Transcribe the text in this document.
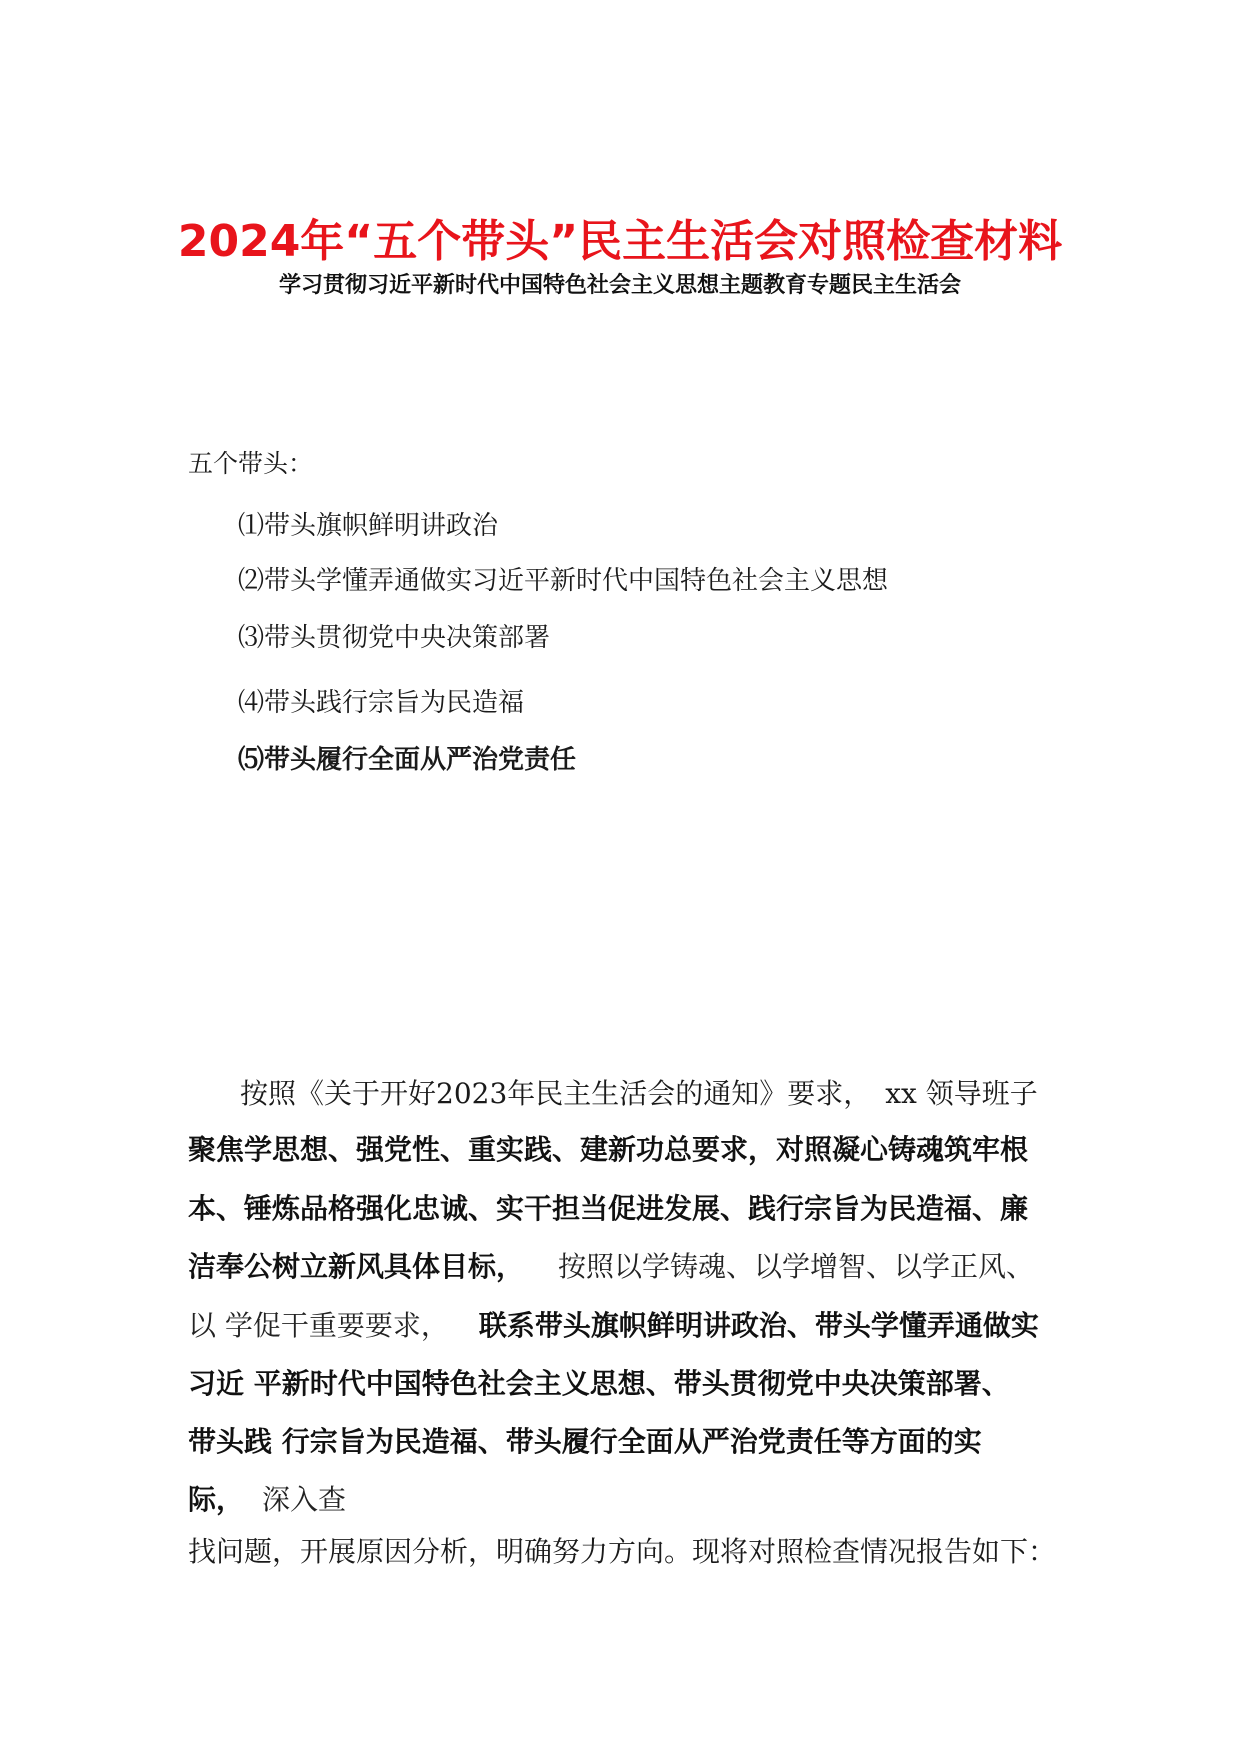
2024年“五个带头”民主生活会对照检查材料
学习贯彻习近平新时代中国特色社会主义思想主题教育专题民主生活会
五个带头：
⑴带头旗帜鲜明讲政治
⑵带头学懂弄通做实习近平新时代中国特色社会主义思想
⑶带头贯彻党中央决策部署
⑷带头践行宗旨为民造福
⑸带头履行全面从严治党责任
按照《关于开好2023年民主生活会的通知》要求，　xx 领导班子
聚焦学思想、强党性、重实践、建新功总要求，对照凝心铸魂筑牢根
本、锤炼品格强化忠诚、实干担当促进发展、践行宗旨为民造福、廉
洁奉公树立新风具体目标， 按照以学铸魂、以学增智、以学正风、
以 学促干重要要求， 联系带头旗帜鲜明讲政治、带头学懂弄通做实
习近 平新时代中国特色社会主义思想、带头贯彻党中央决策部署、
带头践 行宗旨为民造福、带头履行全面从严治党责任等方面的实
际， 深入查
找问题，开展原因分析，明确努力方向。现将对照检查情况报告如下：
